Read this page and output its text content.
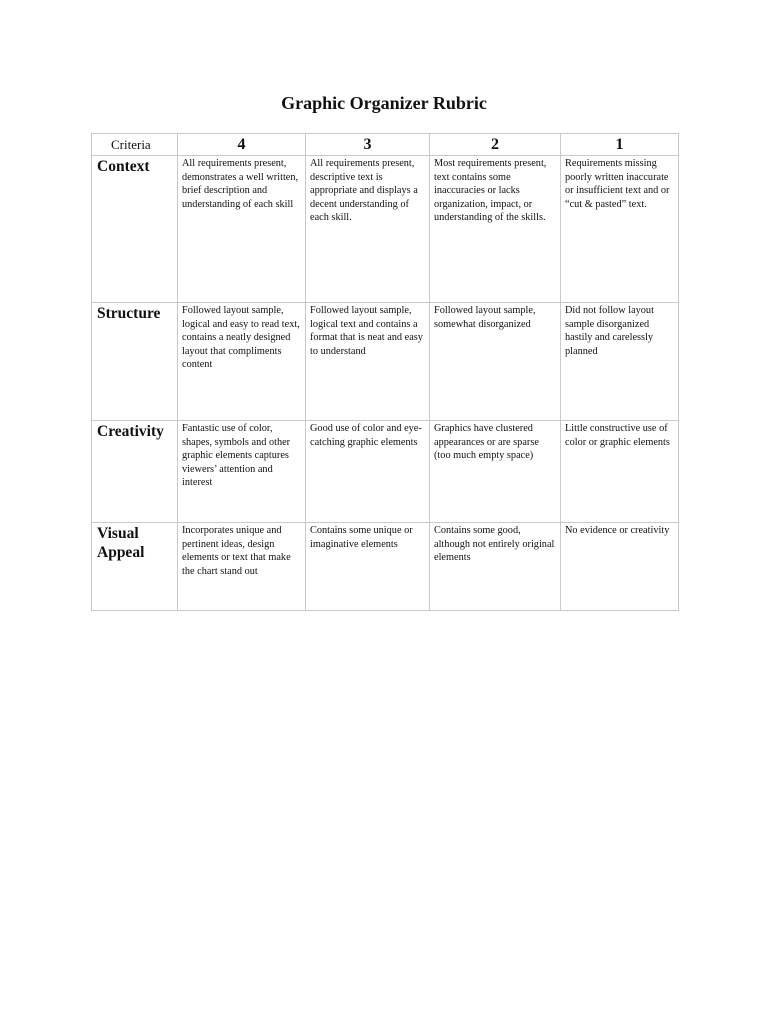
Graphic Organizer Rubric
Criteria	4	3	2	1

Context	All requirements present, demonstrates a well written, brief description and understanding of each skill	All requirements present, descriptive text is appropriate and displays a decent understanding of each skill.	Most requirements present, text contains some inaccuracies or lacks organization, impact, or understanding of the skills.	Requirements missing poorly written inaccurate or insufficient text and or “cut & pasted” text.

Structure	Followed layout sample, logical and easy to read text, contains a neatly designed layout that compliments content	Followed layout sample, logical text and contains a format that is neat and easy to understand	Followed layout sample, somewhat disorganized	Did not follow layout sample disorganized hastily and carelessly planned

Creativity	Fantastic use of color, shapes, symbols and other graphic elements captures viewers’ attention and interest	Good use of color and eye-catching graphic elements	Graphics have clustered appearances or are sparse (too much empty space)	Little constructive use of color or graphic elements

Visual Appeal	Incorporates unique and pertinent ideas, design elements or text that make the chart stand out	Contains some unique or imaginative elements	Contains some good, although not entirely original elements	No evidence or creativity
